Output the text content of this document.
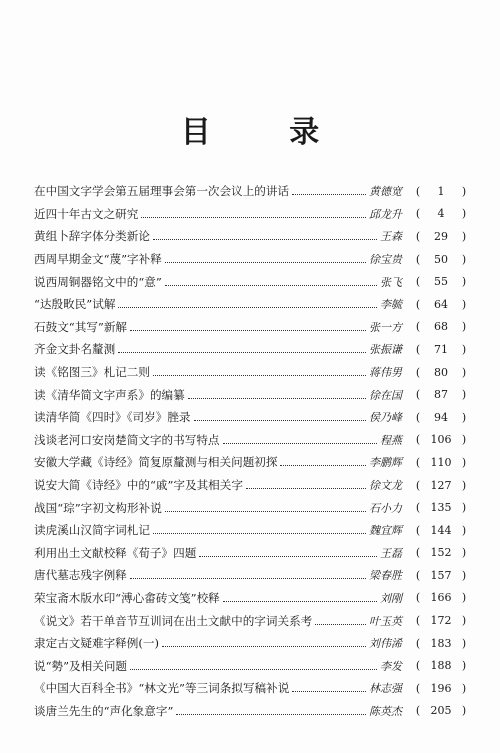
目 录
在中国文字学会第五届理事会第一次会议上的讲话	黄德宽 (	1	)
近四十年古文之研究	邱龙升 (	4	)
黄组卜辞字体分类新论	王森 (	29	)
西周早期金文“蔑”字补释	徐宝贵 (	50	)
说西周铜器铭文中的“意”	张飞 (	55	)
“达殷畋民”试解	李毓 (	64	)
石鼓文“其写”新解	张一方 (	68	)
齐金文卦名釐测	张振谦 (	71	)
读《铭图三》札记二则	蒋伟男 (	80	)
读《清华简文字声系》的编纂	徐在国 (	87	)
读清华简《四时》《司岁》脞录	侯乃峰 (	94	)
浅谈老河口安岗楚简文字的书写特点	程燕 ( 106 )
安徽大学藏《诗经》简复原釐测与相关问题初探	李鹏辉 ( 110 )
说安大简《诗经》中的“戚”字及其相关字	徐文龙 ( 127 )
战国“琮”字初文构形补说	石小力 ( 135 )
读虎溪山汉简字词札记	魏宜辉 ( 144 )
利用出土文献校释《荀子》四题	王磊 ( 152 )
唐代墓志残字例释	梁春胜 ( 157 )
荣宝斋木版水印“溥心畬砖文笺”校释	刘刚 ( 166 )
《说文》若干单音节互训词在出土文献中的字词关系考	叶玉英 ( 172 )
隶定古文疑难字释例(一)	刘伟浠 ( 183 )
说“勢”及相关问题	李发 ( 188 )
《中国大百科全书》“林文光”等三词条拟写稿补说	林志强 ( 196 )
谈唐兰先生的“声化象意字”	陈英杰 ( 205 )
